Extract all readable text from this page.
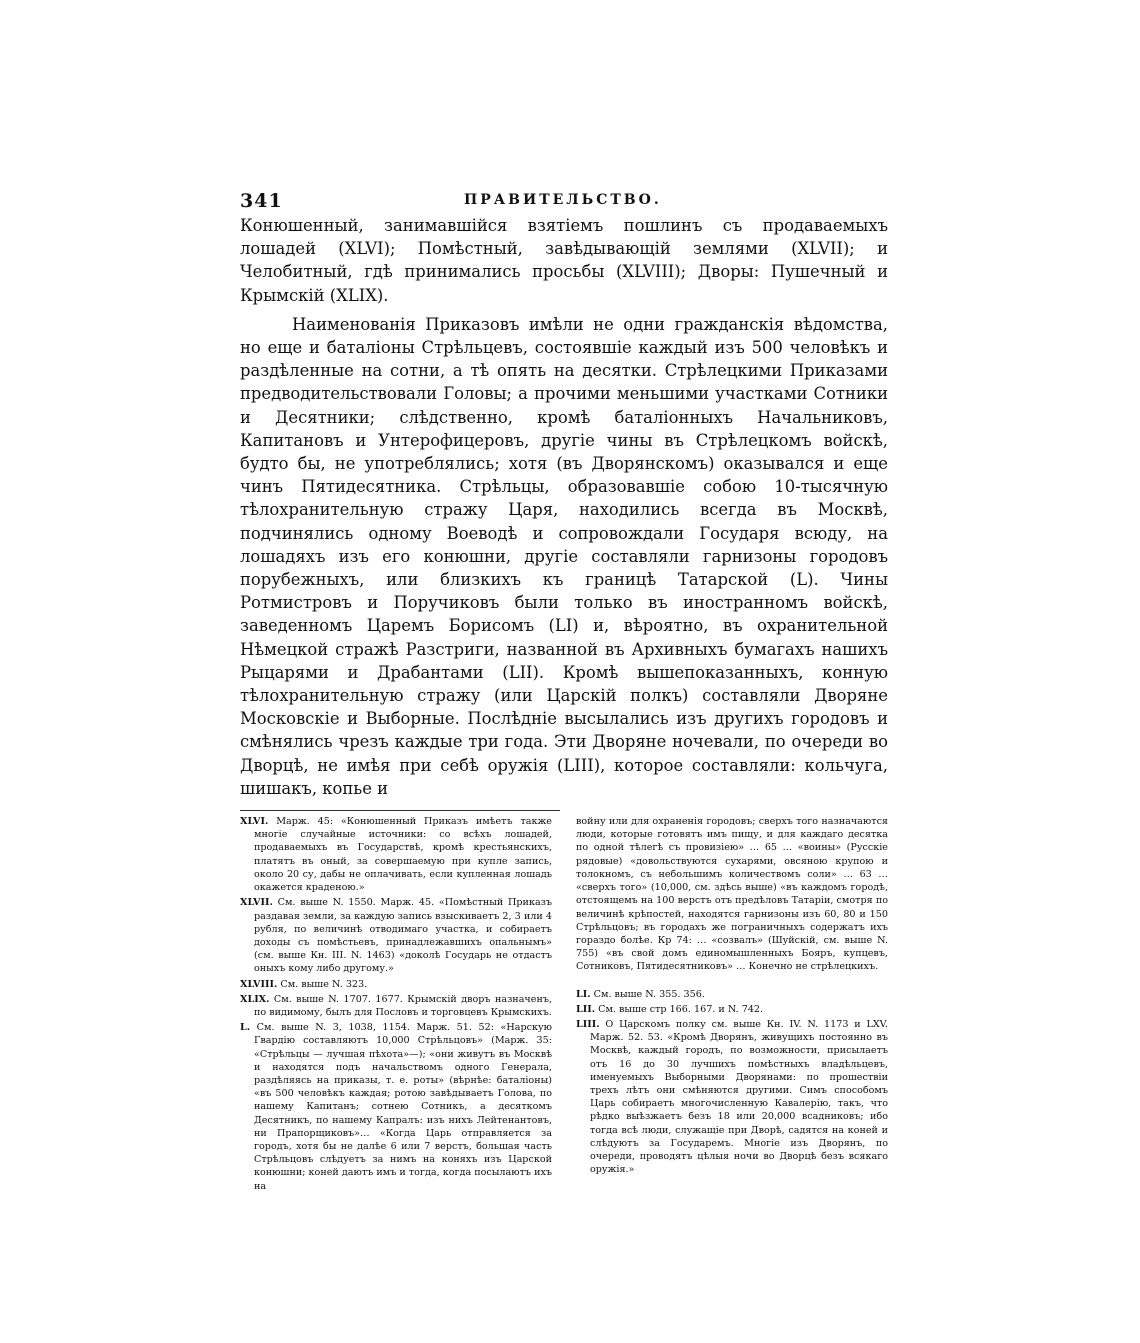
341	ПРАВИТЕЛЬСТВО.

Конюшенный, занимавшійся взятіемъ пошлинъ съ продаваемыхъ лошадей (XLVI); Помѣстный, завѣдывающій землями (XLVII); и Челобитный, гдѣ принимались просьбы (XLVIII); Дворы: Пушечный и Крымскій (XLIX).

Наименованія Приказовъ имѣли не одни гражданскія вѣдомства, но еще и баталіоны Стрѣльцевъ, состоявшіе каждый изъ 500 человѣкъ и раздѣленные на сотни, а тѣ опять на десятки. Стрѣлецкими Приказами предводительствовали Головы; а прочими меньшими участками Сотники и Десятники; слѣдственно, кромѣ баталіонныхъ Начальниковъ, Капитановъ и Унтерофицеровъ, другіе чины въ Стрѣлецкомъ войскѣ, будто бы, не употреблялись; хотя (въ Дворянскомъ) оказывался и еще чинъ Пятидесятника. Стрѣльцы, образовавшіе собою 10-тысячную тѣлохранительную стражу Царя, находились всегда въ Москвѣ, подчинялись одному Воеводѣ и сопровождали Государя всюду, на лошадяхъ изъ его конюшни, другіе составляли гарнизоны городовъ порубежныхъ, или близкихъ къ границѣ Татарской (L). Чины Ротмистровъ и Поручиковъ были только въ иностранномъ войскѣ, заведенномъ Царемъ Борисомъ (LI) и, вѣроятно, въ охранительной Нѣмецкой стражѣ Разстриги, названной въ Архивныхъ бумагахъ нашихъ Рыцарями и Драбантами (LII). Кромѣ вышепоказанныхъ, конную тѣлохранительную стражу (или Царскій полкъ) составляли Дворяне Московскіе и Выборные. Послѣдніе высылались изъ другихъ городовъ и смѣнялись чрезъ каждые три года. Эти Дворяне ночевали, по очереди во Дворцѣ, не имѣя при себѣ оружія (LIII), которое составляли: кольчуга, шишакъ, копье и

XLVI. Марж. 45: «Конюшенный Приказъ имѣетъ также многіе случайные источники: со всѣхъ лошадей, продаваемыхъ въ Государствѣ, кромѣ крестьянскихъ, платятъ въ оный, за совершаемую при купле запись, около 20 су, дабы не оплачивать, если купленная лошадь окажется краденою.»

XLVII. См. выше N. 1550. Марж. 45. «Помѣстный Приказъ раздавая земли, за каждую запись взыскиваетъ 2, 3 или 4 рубля, по величинѣ отводимаго участка, и собираетъ доходы съ помѣстьевъ, принадлежавшихъ опальнымъ» (см. выше Кн. III. N. 1463) «доколѣ Государь не отдастъ оныхъ кому либо другому.»

XLVIII. См. выше N. 323.

XLIX. См. выше N. 1707. 1677. Крымскій дворъ назначенъ, по видимому, былъ для Пословъ и торговцевъ Крымскихъ.

L. См. выше N. 3, 1038, 1154. Марж. 51. 52: «Нарскую Гвардію составляютъ 10,000 Стрѣльцовъ» (Марж. 35: «Стрѣльцы — лучшая пѣхота»—); «они живутъ въ Москвѣ и находятся подъ начальствомъ одного Генерала, раздѣляясь на приказы, т. е. роты» (вѣрнѣе: баталіоны) «въ 500 человѣкъ каждая; ротою завѣдываетъ Голова, по нашему Капитанъ; сотнею Сотникъ, а десяткомъ Десятникъ, по нашему Капралъ: изъ нихъ Лейтенантовъ, ни Прапорщиковъ»… «Когда Царь отправляется за городъ, хотя бы не далѣе 6 или 7 верстъ, большая часть Стрѣльцовъ слѣдуетъ за нимъ на коняхъ изъ Царской конюшни; коней даютъ имъ и тогда, когда посылаютъ ихъ на

войну или для охраненія городовъ; сверхъ того назначаются люди, которые готовятъ имъ пищу, и для каждаго десятка по одной тѣлегѣ съ провизіею» … 65 … «воины» (Русскіе рядовые) «довольствуются сухарями, овсяною крупою и толокномъ, съ небольшимъ количествомъ соли» … 63 … «сверхъ того» (10,000, см. здѣсь выше) «въ каждомъ городѣ, отстоящемъ на 100 верстъ отъ предѣловъ Татаріи, смотря по величинѣ крѣпостей, находятся гарнизоны изъ 60, 80 и 150 Стрѣльцовъ; въ городахъ же пограничныхъ содержатъ ихъ гораздо болѣе. Кр 74: … «созвалъ» (Шуйскій, см. выше N. 755) «въ свой домъ единомышленныхъ Бояръ, купцевъ, Сотниковъ, Пятидесятниковъ» … Конечно не стрѣлецкихъ.

LI. См. выше N. 355. 356.

LII. См. выше стр 166. 167. и N. 742.

LIII. О Царскомъ полку см. выше Кн. IV. N. 1173 и LXV. Марж. 52. 53. «Кромѣ Дворянъ, живущихъ постоянно въ Москвѣ, каждый городъ, по возможности, присылаетъ отъ 16 до 30 лучшихъ помѣстныхъ владѣльцевъ, именуемыхъ Выборными Дворянами: по прошествіи трехъ лѣтъ они смѣняются другими. Симъ способомъ Царь собираетъ многочисленную Кавалерію, такъ, что рѣдко выѣзжаетъ безъ 18 или 20,000 всадниковъ; ибо тогда всѣ люди, служащіе при Дворѣ, садятся на коней и слѣдуютъ за Государемъ. Многіе изъ Дворянъ, по очереди, проводятъ цѣлыя ночи во Дворцѣ безъ всякаго оружія.»
